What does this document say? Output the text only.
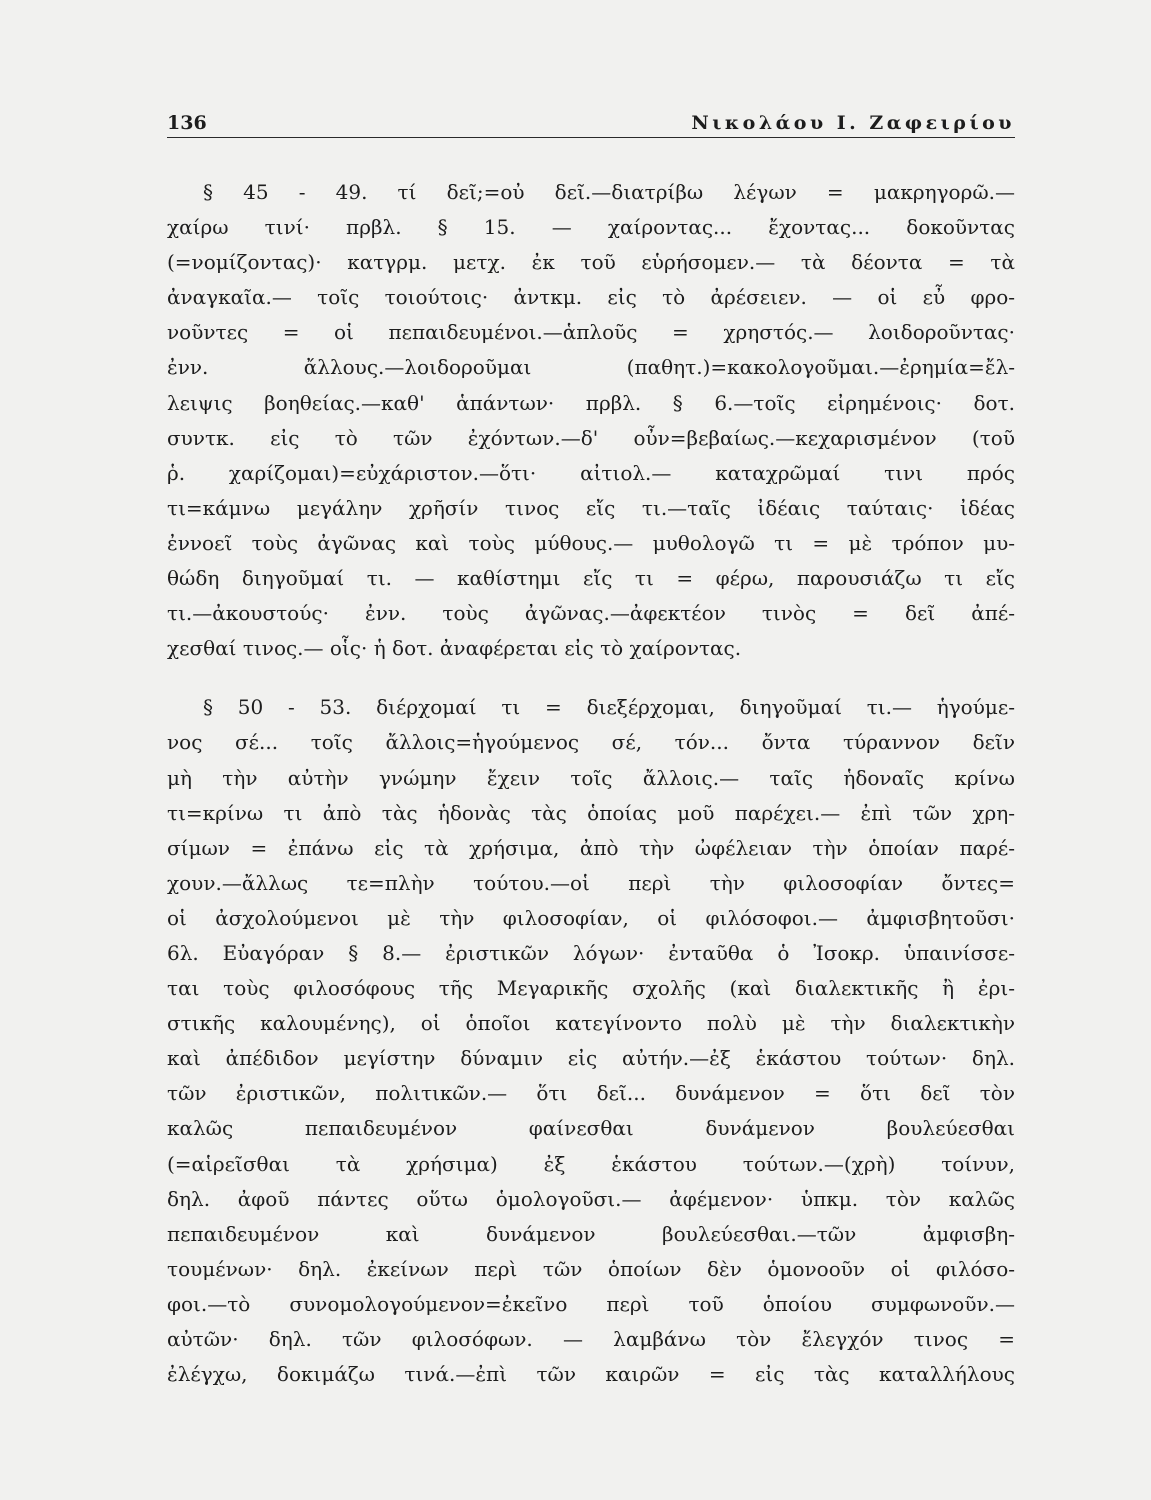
136	Νικολάου Ι. Ζαφειρίου
§ 45 - 49. τί δεῖ;=οὐ δεῖ.—διατρίβω λέγων = μακρηγορῶ.—
χαίρω τινί· πρβλ. § 15. — χαίροντας... ἔχοντας... δοκοῦντας
(=νομίζοντας)· κατγρμ. μετχ. ἐκ τοῦ εὑρήσομεν.— τὰ δέοντα = τὰ
ἀναγκαῖα.— τοῖς τοιούτοις· ἀντκμ. εἰς τὸ ἀρέσειεν. — οἱ εὖ φρο-
νοῦντες = οἱ πεπαιδευμένοι.—ἁπλοῦς = χρηστός.— λοιδοροῦντας·
ἐνν. ἄλλους.—λοιδοροῦμαι (παθητ.)=κακολογοῦμαι.—ἐρημία=ἔλ-
λειψις βοηθείας.—καθ' ἁπάντων· πρβλ. § 6.—τοῖς εἰρημένοις· δοτ.
συντκ. εἰς τὸ τῶν ἐχόντων.—δ' οὖν=βεβαίως.—κεχαρισμένον (τοῦ
ῥ. χαρίζομαι)=εὐχάριστον.—ὅτι· αἰτιολ.— καταχρῶμαί τινι πρός
τι=κάμνω μεγάλην χρῆσίν τινος εἴς τι.—ταῖς ἰδέαις ταύταις· ἰδέας
ἐννοεῖ τοὺς ἀγῶνας καὶ τοὺς μύθους.— μυθολογῶ τι = μὲ τρόπον μυ-
θώδη διηγοῦμαί τι. — καθίστημι εἴς τι = φέρω, παρουσιάζω τι εἴς
τι.—ἀκουστούς· ἐνν. τοὺς ἀγῶνας.—ἀφεκτέον τινὸς = δεῖ ἀπέ-
χεσθαί τινος.— οἷς· ἡ δοτ. ἀναφέρεται εἰς τὸ χαίροντας.
§ 50 - 53. διέρχομαί τι = διεξέρχομαι, διηγοῦμαί τι.— ἡγούμε-
νος σέ... τοῖς ἄλλοις=ἡγούμενος σέ, τόν... ὄντα τύραννον δεῖν
μὴ τὴν αὐτὴν γνώμην ἔχειν τοῖς ἄλλοις.— ταῖς ἡδοναῖς κρίνω
τι=κρίνω τι ἀπὸ τὰς ἡδονὰς τὰς ὁποίας μοῦ παρέχει.— ἐπὶ τῶν χρη-
σίμων = ἐπάνω εἰς τὰ χρήσιμα, ἀπὸ τὴν ὠφέλειαν τὴν ὁποίαν παρέ-
χουν.—ἄλλως τε=πλὴν τούτου.—οἱ περὶ τὴν φιλοσοφίαν ὄντες=
οἱ ἀσχολούμενοι μὲ τὴν φιλοσοφίαν, οἱ φιλόσοφοι.— ἀμφισβητοῦσι·
6λ. Εὐαγόραν § 8.— ἐριστικῶν λόγων· ἐνταῦθα ὁ Ἰσοκρ. ὑπαινίσσε-
ται τοὺς φιλοσόφους τῆς Μεγαρικῆς σχολῆς (καὶ διαλεκτικῆς ἢ ἐρι-
στικῆς καλουμένης), οἱ ὁποῖοι κατεγίνοντο πολὺ μὲ τὴν διαλεκτικὴν
καὶ ἀπέδιδον μεγίστην δύναμιν εἰς αὐτήν.—ἐξ ἑκάστου τούτων· δηλ.
τῶν ἐριστικῶν, πολιτικῶν.— ὅτι δεῖ... δυνάμενον = ὅτι δεῖ τὸν
καλῶς πεπαιδευμένον φαίνεσθαι δυνάμενον βουλεύεσθαι
(=αἱρεῖσθαι τὰ χρήσιμα) ἐξ ἑκάστου τούτων.—(χρὴ) τοίνυν,
δηλ. ἀφοῦ πάντες οὕτω ὁμολογοῦσι.— ἀφέμενον· ὑπκμ. τὸν καλῶς
πεπαιδευμένον καὶ δυνάμενον βουλεύεσθαι.—τῶν ἀμφισβη-
τουμένων· δηλ. ἐκείνων περὶ τῶν ὁποίων δὲν ὁμονοοῦν οἱ φιλόσο-
φοι.—τὸ συνομολογούμενον=ἐκεῖνο περὶ τοῦ ὁποίου συμφωνοῦν.—
αὐτῶν· δηλ. τῶν φιλοσόφων. — λαμβάνω τὸν ἔλεγχόν τινος =
ἐλέγχω, δοκιμάζω τινά.—ἐπὶ τῶν καιρῶν = εἰς τὰς καταλλήλους
